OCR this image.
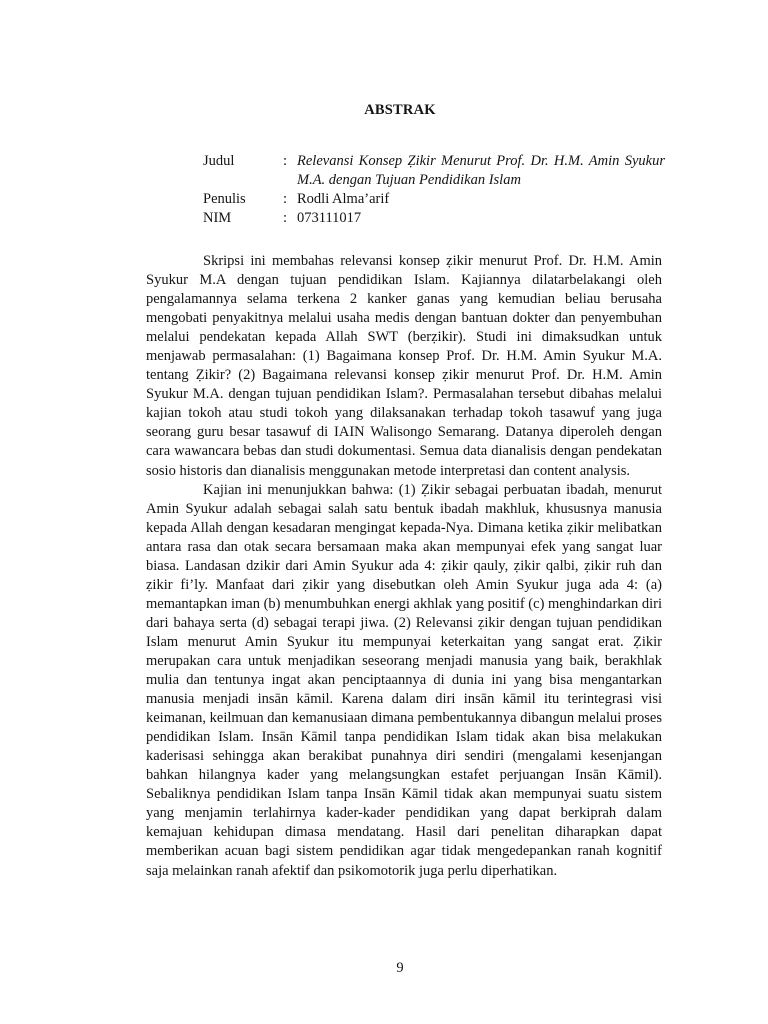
ABSTRAK
Judul	: Relevansi Konsep Ẓikir Menurut Prof. Dr. H.M. Amin Syukur M.A. dengan Tujuan Pendidikan Islam
Penulis	: Rodli Alma’arif
NIM	: 073111017

Skripsi ini membahas relevansi konsep ẓikir menurut Prof. Dr. H.M. Amin Syukur M.A dengan tujuan pendidikan Islam. Kajiannya dilatarbelakangi oleh pengalamannya selama terkena 2 kanker ganas yang kemudian beliau berusaha mengobati penyakitnya melalui usaha medis dengan bantuan dokter dan penyembuhan melalui pendekatan kepada Allah SWT (berẓikir). Studi ini dimaksudkan untuk menjawab permasalahan: (1) Bagaimana konsep Prof. Dr. H.M. Amin Syukur M.A. tentang Ẓikir? (2) Bagaimana relevansi konsep ẓikir menurut Prof. Dr. H.M. Amin Syukur M.A. dengan tujuan pendidikan Islam?. Permasalahan tersebut dibahas melalui kajian tokoh atau studi tokoh yang dilaksanakan terhadap tokoh tasawuf yang juga seorang guru besar tasawuf di IAIN Walisongo Semarang. Datanya diperoleh dengan cara wawancara bebas dan studi dokumentasi. Semua data dianalisis dengan pendekatan sosio historis dan dianalisis menggunakan metode interpretasi dan content analysis.

Kajian ini menunjukkan bahwa: (1) Ẓikir sebagai perbuatan ibadah, menurut Amin Syukur adalah sebagai salah satu bentuk ibadah makhluk, khususnya manusia kepada Allah dengan kesadaran mengingat kepada-Nya. Dimana ketika ẓikir melibatkan antara rasa dan otak secara bersamaan maka akan mempunyai efek yang sangat luar biasa. Landasan dzikir dari Amin Syukur ada 4: ẓikir qauly, ẓikir qalbi, ẓikir ruh dan ẓikir fi’ly. Manfaat dari ẓikir yang disebutkan oleh Amin Syukur juga ada 4: (a) memantapkan iman (b) menumbuhkan energi akhlak yang positif (c) menghindarkan diri dari bahaya serta (d) sebagai terapi jiwa. (2) Relevansi ẓikir dengan tujuan pendidikan Islam menurut Amin Syukur itu mempunyai keterkaitan yang sangat erat. Ẓikir merupakan cara untuk menjadikan seseorang menjadi manusia yang baik, berakhlak mulia dan tentunya ingat akan penciptaannya di dunia ini yang bisa mengantarkan manusia menjadi insān kāmil. Karena dalam diri insān kāmil itu terintegrasi visi keimanan, keilmuan dan kemanusiaan dimana pembentukannya dibangun melalui proses pendidikan Islam. Insān Kāmil tanpa pendidikan Islam tidak akan bisa melakukan kaderisasi sehingga akan berakibat punahnya diri sendiri (mengalami kesenjangan bahkan hilangnya kader yang melangsungkan estafet perjuangan Insān Kāmil). Sebaliknya pendidikan Islam tanpa Insān Kāmil tidak akan mempunyai suatu sistem yang menjamin terlahirnya kader-kader pendidikan yang dapat berkiprah dalam kemajuan kehidupan dimasa mendatang. Hasil dari penelitan diharapkan dapat memberikan acuan bagi sistem pendidikan agar tidak mengedepankan ranah kognitif saja melainkan ranah afektif dan psikomotorik juga perlu diperhatikan.

9
